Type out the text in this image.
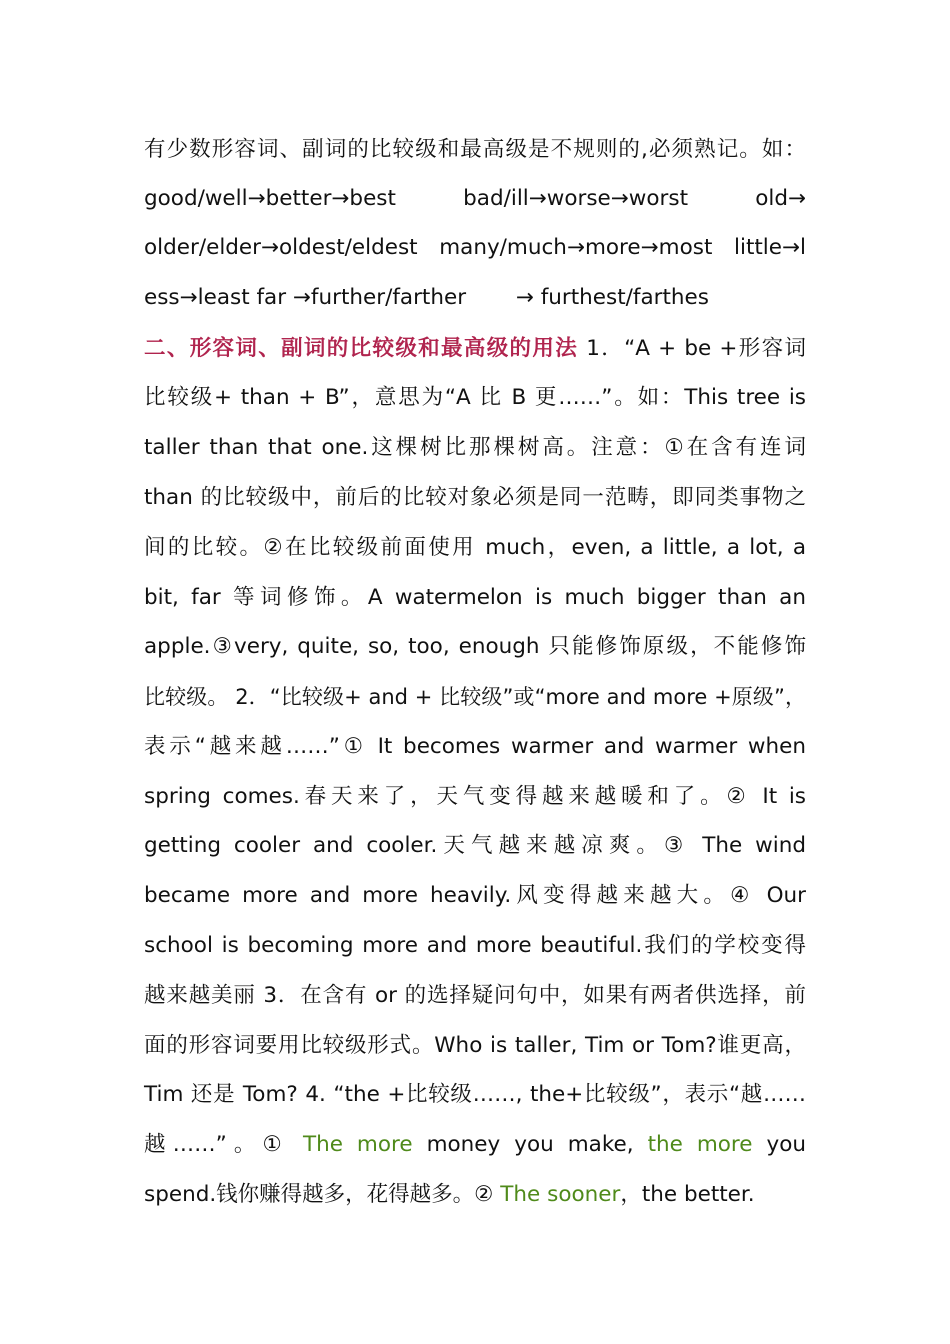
有少数形容词、副词的比较级和最高级是不规则的,必须熟记。如：
good/well→better→best　　bad/ill→worse→worst　　old→
older/elder→oldest/eldest many/much→more→most little→l
ess→least far →further/farther　　 → furthest/farthes
二、形容词、副词的比较级和最高级的用法 1．“A + be +形容词
比较级+ than + B”，意思为“A 比 B 更……”。如：This tree is
taller than that one.这棵树比那棵树高。注意：①在含有连词
than 的比较级中，前后的比较对象必须是同一范畴，即同类事物之
间的比较。②在比较级前面使用 much，even, a little, a lot, a
bit, far 等词修饰。A watermelon is much bigger than an
apple.③very, quite, so, too, enough 只能修饰原级，不能修饰
比较级。 2．“比较级+ and + 比较级”或“more and more +原级”，
表示“越来越……”① It becomes warmer and warmer when
spring comes.春天来了，天气变得越来越暖和了。② It is
getting cooler and cooler.天气越来越凉爽。③ The wind
became more and more heavily.风变得越来越大。④ Our
school is becoming more and more beautiful.我们的学校变得
越来越美丽 3．在含有 or 的选择疑问句中，如果有两者供选择，前
面的形容词要用比较级形式。Who is taller, Tim or Tom?谁更高，
Tim 还是 Tom? 4. “the +比较级……, the+比较级”，表示“越……
越……”。① The more money you make, the more you
spend.钱你赚得越多，花得越多。② The sooner，the better.
